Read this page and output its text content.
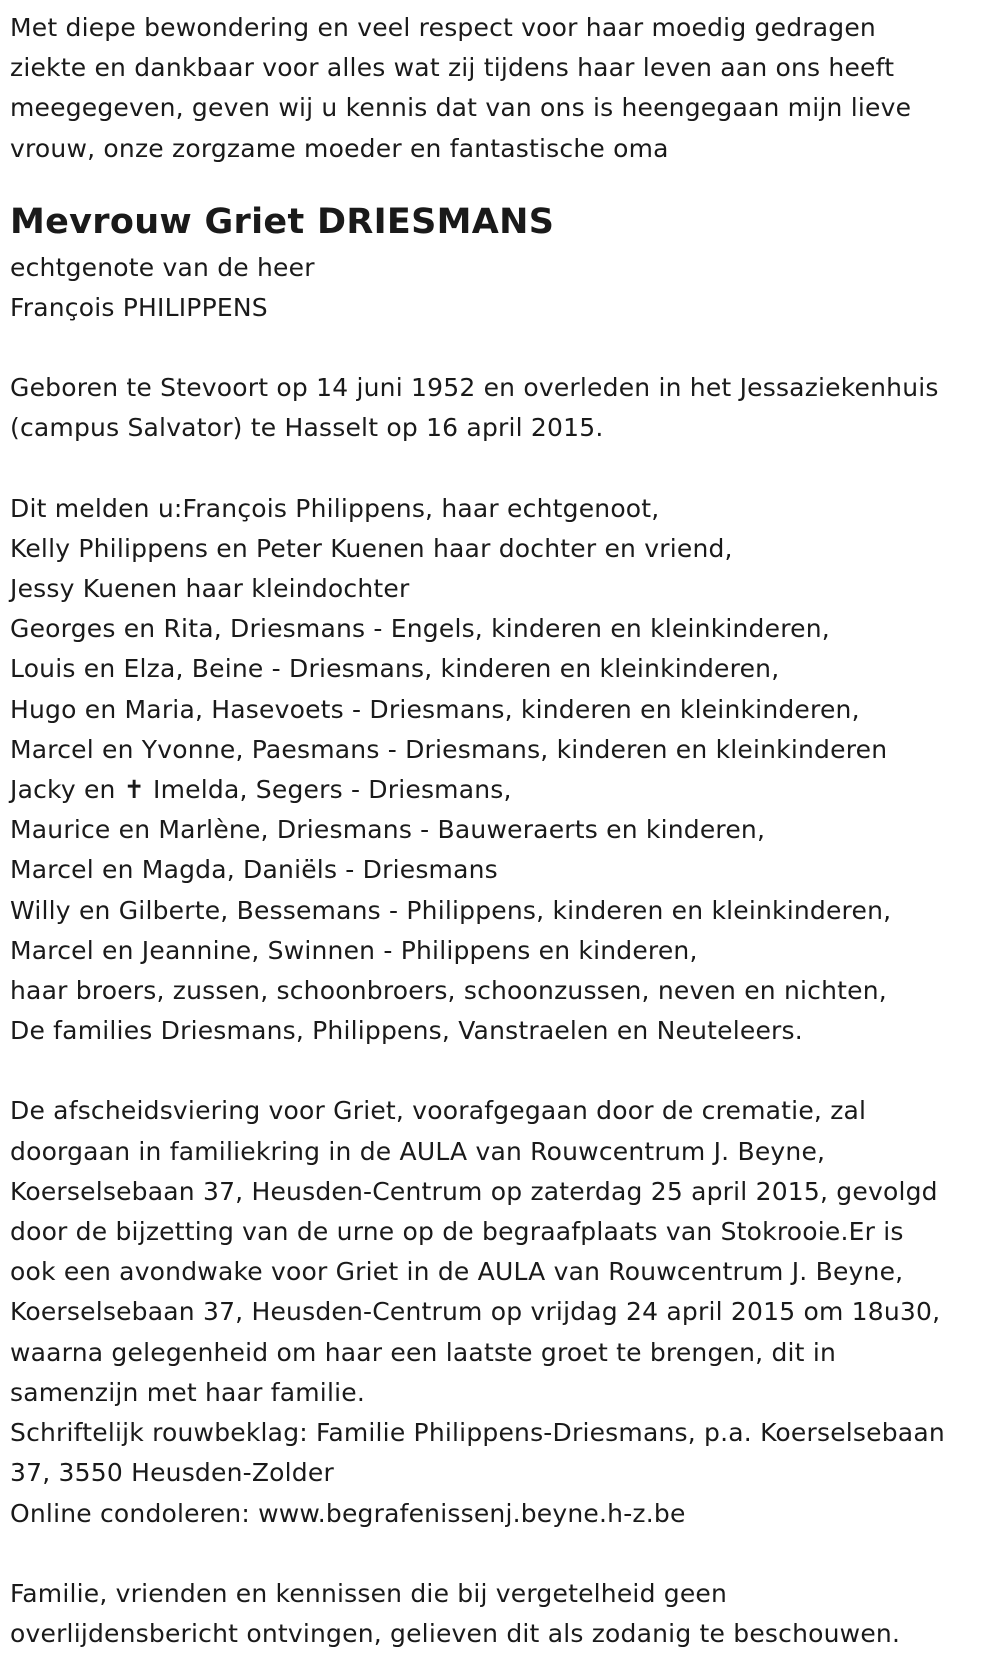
Met diepe bewondering en veel respect voor haar moedig gedragen
ziekte en dankbaar voor alles wat zij tijdens haar leven aan ons heeft
meegegeven, geven wij u kennis dat van ons is heengegaan mijn lieve
vrouw, onze zorgzame moeder en fantastische oma
Mevrouw Griet DRIESMANS
echtgenote van de heer
François PHILIPPENS
Geboren te Stevoort op 14 juni 1952 en overleden in het Jessaziekenhuis
(campus Salvator) te Hasselt op 16 april 2015.
Dit melden u:François Philippens, haar echtgenoot,
Kelly Philippens en Peter Kuenen haar dochter en vriend,
Jessy Kuenen haar kleindochter
Georges en Rita, Driesmans - Engels, kinderen en kleinkinderen,
Louis en Elza, Beine - Driesmans, kinderen en kleinkinderen,
Hugo en Maria, Hasevoets - Driesmans, kinderen en kleinkinderen,
Marcel en Yvonne, Paesmans - Driesmans, kinderen en kleinkinderen
Jacky en ✝ Imelda, Segers - Driesmans,
Maurice en Marlène, Driesmans - Bauweraerts en kinderen,
Marcel en Magda, Daniëls - Driesmans
Willy en Gilberte, Bessemans - Philippens, kinderen en kleinkinderen,
Marcel en Jeannine, Swinnen - Philippens en kinderen,
haar broers, zussen, schoonbroers, schoonzussen, neven en nichten,
De families Driesmans, Philippens, Vanstraelen en Neuteleers.
De afscheidsviering voor Griet, voorafgegaan door de crematie, zal
doorgaan in familiekring in de AULA van Rouwcentrum J. Beyne,
Koerselsebaan 37, Heusden-Centrum op zaterdag 25 april 2015, gevolgd
door de bijzetting van de urne op de begraafplaats van Stokrooie.Er is
ook een avondwake voor Griet in de AULA van Rouwcentrum J. Beyne,
Koerselsebaan 37, Heusden-Centrum op vrijdag 24 april 2015 om 18u30,
waarna gelegenheid om haar een laatste groet te brengen, dit in
samenzijn met haar familie.
Schriftelijk rouwbeklag: Familie Philippens-Driesmans, p.a. Koerselsebaan
37, 3550 Heusden-Zolder
Online condoleren: www.begrafenissenj.beyne.h-z.be
Familie, vrienden en kennissen die bij vergetelheid geen
overlijdensbericht ontvingen, gelieven dit als zodanig te beschouwen.
